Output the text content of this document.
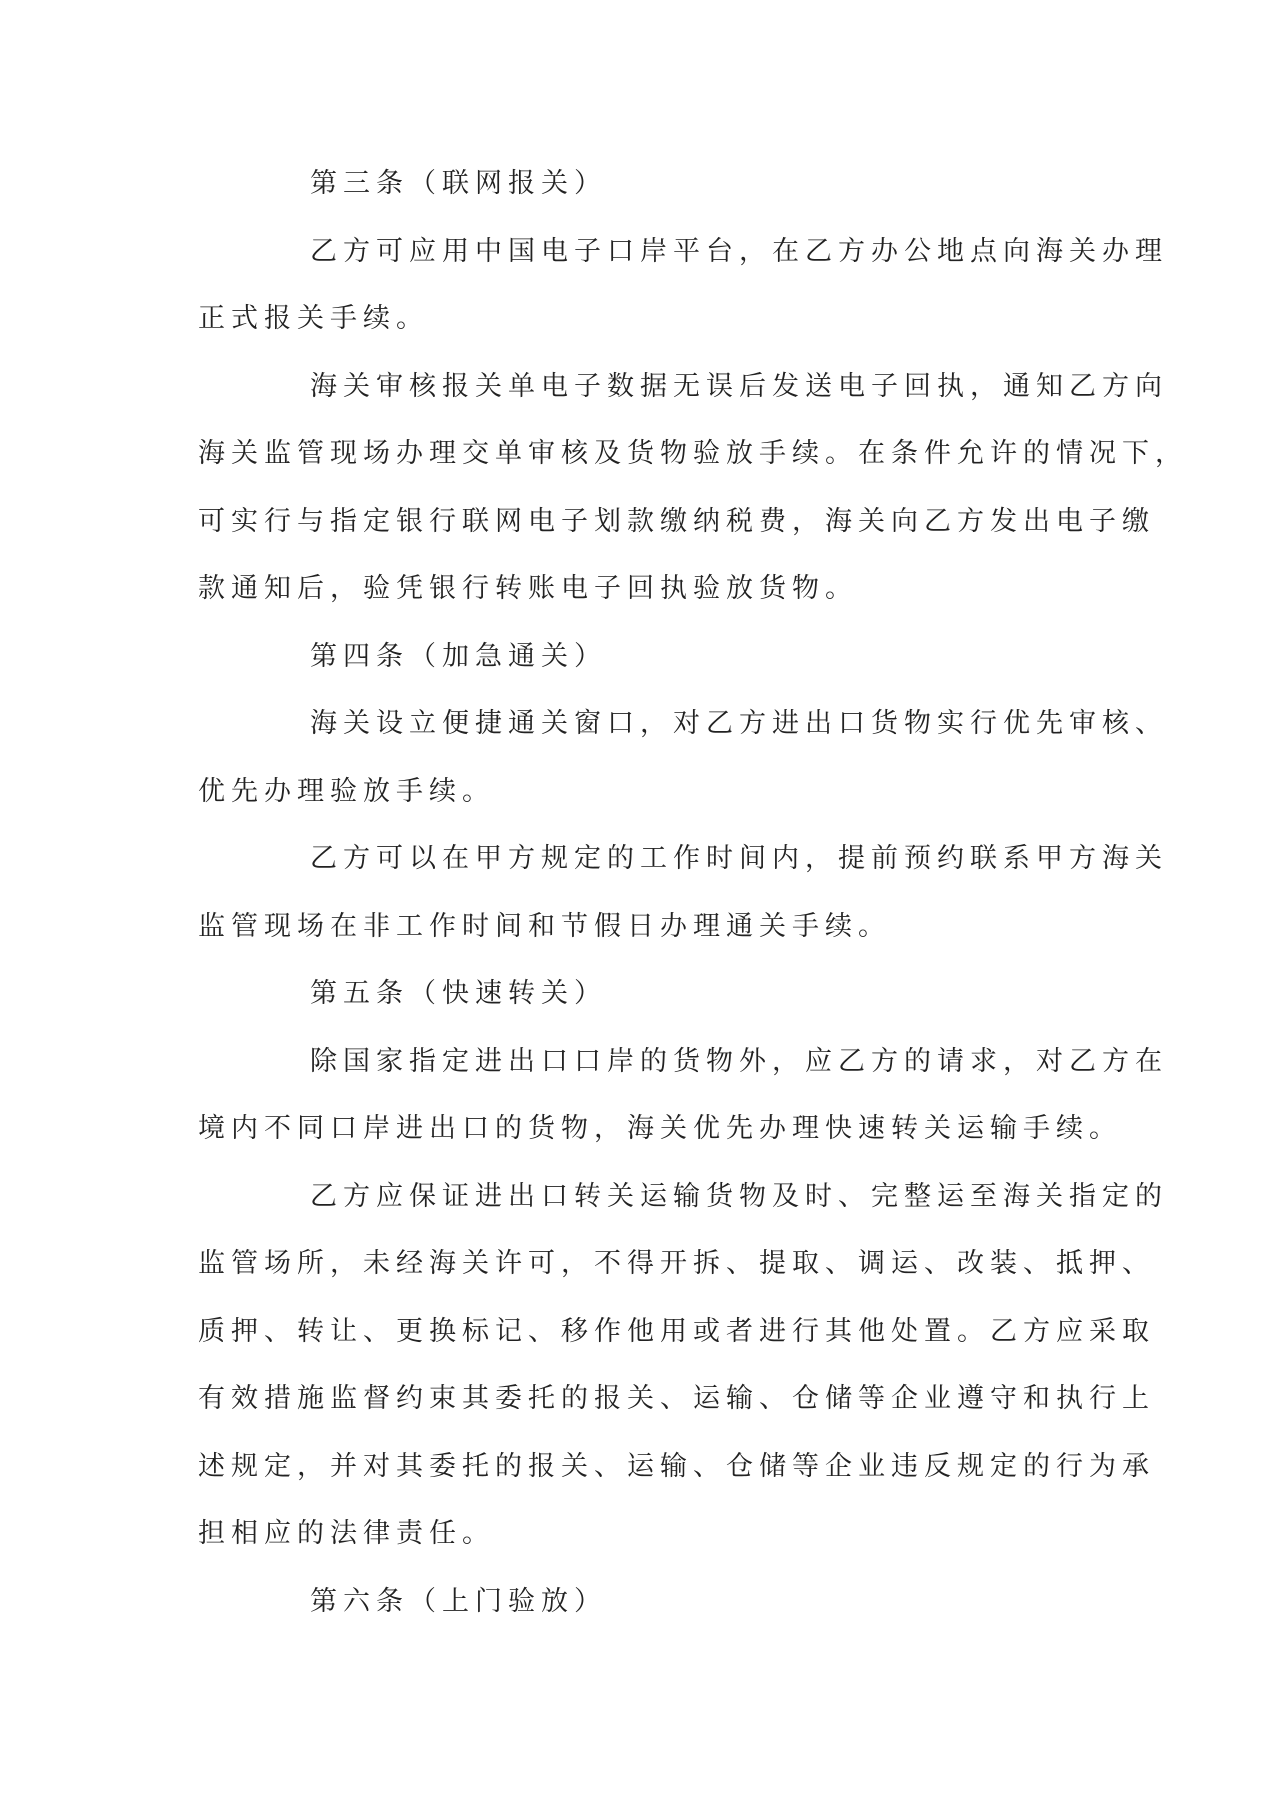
第三条（联网报关）
乙方可应用中国电子口岸平台，在乙方办公地点向海关办理
正式报关手续。
海关审核报关单电子数据无误后发送电子回执，通知乙方向
海关监管现场办理交单审核及货物验放手续。在条件允许的情况下，
可实行与指定银行联网电子划款缴纳税费，海关向乙方发出电子缴
款通知后，验凭银行转账电子回执验放货物。
第四条（加急通关）
海关设立便捷通关窗口，对乙方进出口货物实行优先审核、
优先办理验放手续。
乙方可以在甲方规定的工作时间内，提前预约联系甲方海关
监管现场在非工作时间和节假日办理通关手续。
第五条（快速转关）
除国家指定进出口口岸的货物外，应乙方的请求，对乙方在
境内不同口岸进出口的货物，海关优先办理快速转关运输手续。
乙方应保证进出口转关运输货物及时、完整运至海关指定的
监管场所，未经海关许可，不得开拆、提取、调运、改装、抵押、
质押、转让、更换标记、移作他用或者进行其他处置。乙方应采取
有效措施监督约束其委托的报关、运输、仓储等企业遵守和执行上
述规定，并对其委托的报关、运输、仓储等企业违反规定的行为承
担相应的法律责任。
第六条（上门验放）
